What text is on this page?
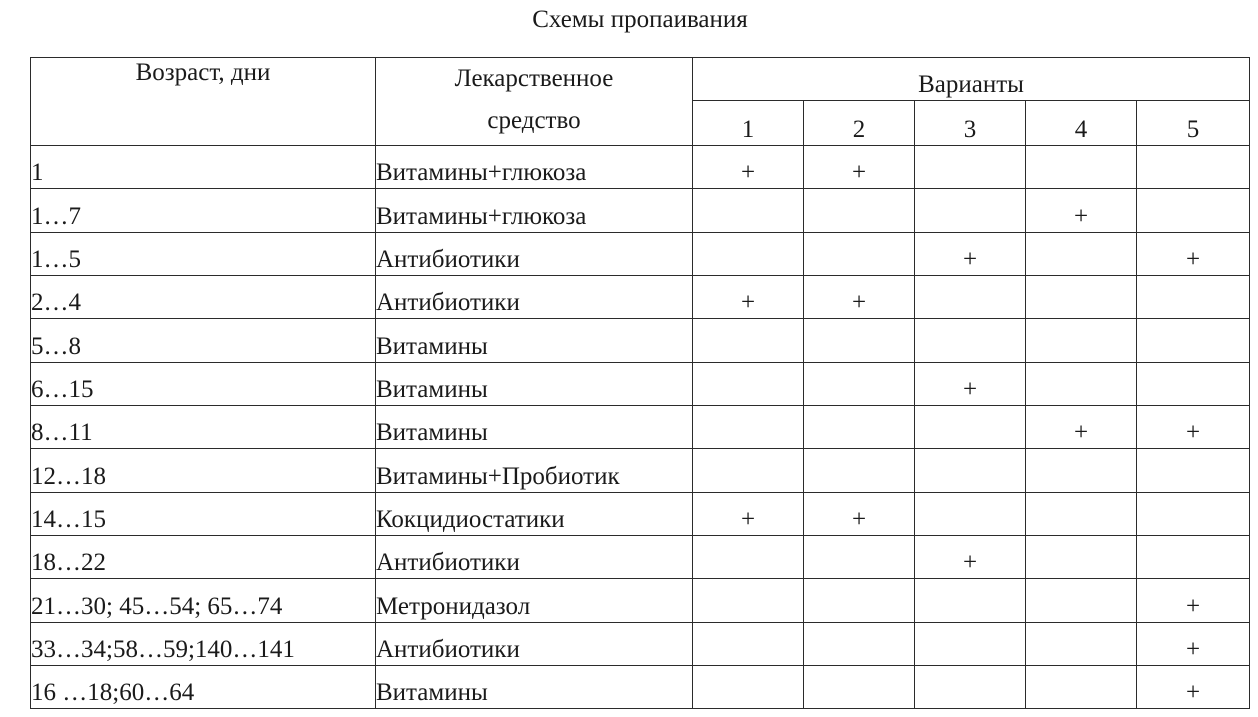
Схемы пропаивания
Возраст, дни	Лекарственное
средство	Варианты				
		1	2	3	4	5
1	Витамины+глюкоза	+	+			
1…7	Витамины+глюкоза				+	
1…5	Антибиотики			+		+
2…4	Антибиотики	+	+			
5…8	Витамины					
6…15	Витамины			+		
8…11	Витамины				+	+
12…18	Витамины+Пробиотик					
14…15	Кокцидиостатики	+	+			
18…22	Антибиотики			+		
21…30; 45…54; 65…74	Метронидазол					+
33…34;58…59;140…141	Антибиотики					+
16 …18;60…64	Витамины					+
